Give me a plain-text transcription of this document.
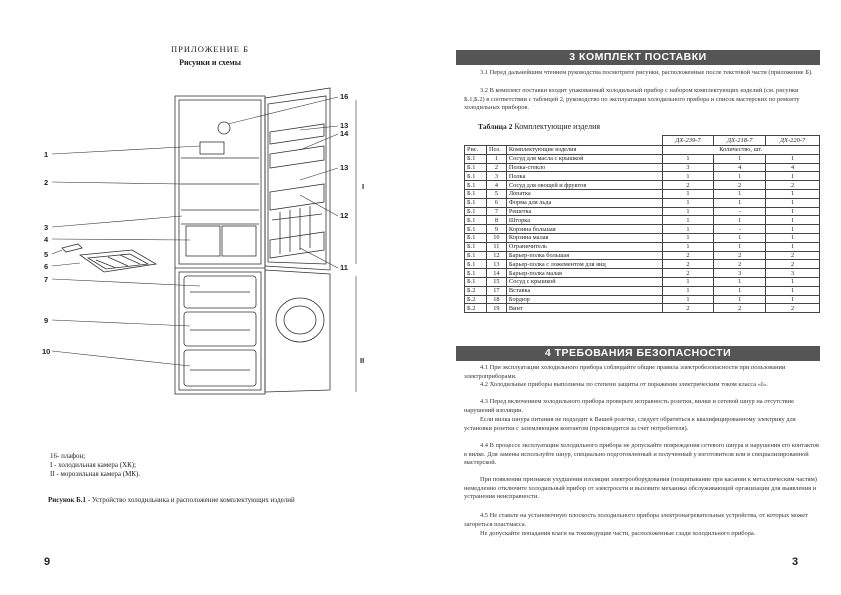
ПРИЛОЖЕНИЕ Б
Рисунки и схемы
1
2
3
4
5
6
7
9
10
16
13
14
13
12
11
I
II
16- плафон;
I - холодильная камера (ХК);
II - морозильная камера (МК).
Рисунок Б.1 - Устройство холодильника и расположение комплектующих изделий
9
3 КОМПЛЕКТ ПОСТАВКИ
3.1 Перед дальнейшим чтением руководства посмотрите рисунки, расположенные после текстовой части (приложение Б).
3.2 В комплект поставки входит упакованный холодильный прибор с набором комплектующих изделий (см. рисунки Б.1,Б.2) в соответствии с таблицей 2, руководство по эксплуатации холодильного прибора и список мастерских по ремонту холодильных приборов.
Таблица 2 Комплектующие изделия
			ДХ-239-7	ДХ-218-7	ДХ-220-7
Рис.	Поз.	Комплектующие изделия	Количество, шт.		
Б.1	1	Сосуд для масла с крышкой	1	1	1
Б.1	2	Полка-стекло	3	4	4
Б.1	3	Полка	1	1	1
Б.1	4	Сосуд для овощей и фруктов	2	2	2
Б.1	5	Лопатка	1	1	1
Б.1	6	Форма для льда	1	1	1
Б.1	7	Решетка	1	-	1
Б.1	8	Шторка	1	1	1
Б.1	9	Корзина большая	1	-	1
Б.1	10	Корзина малая	1	1	1
Б.1	11	Ограничитель	1	1	1
Б.1	12	Барьер-полка большая	2	2	2
Б.1	13	Барьер-полка с ложементом для яиц	2	2	2
Б.1	14	Барьер-полка малая	2	3	3
Б.1	15	Сосуд с крышкой	1	1	1
Б.2	17	Вставка	1	1	1
Б.2	18	Бордюр	1	1	1
Б.2	19	Винт	2	2	2
4 ТРЕБОВАНИЯ БЕЗОПАСНОСТИ
4.1 При эксплуатации холодильного прибора соблюдайте общие правила электробезопасности при пользовании электроприборами.
4.2 Холодильные приборы выполнены по степени защиты от поражения электрическим током класса «I».
4.3 Перед включением холодильного прибора проверьте исправность розетки, вилки и сетевой шнур на отсутствие нарушений изоляции.
Если вилка шнура питания не подходит к Вашей розетке, следует обратиться к квалифицированному электрику для установки розетки с заземляющим контактом (производится за счет потребителя).
4.4 В процессе эксплуатации холодильного прибора не допускайте повреждения сетевого шнура и нарушения его контактов в вилке. Для замены используйте шнур, специально подготовленный и полученный у изготовителя или в специализированной мастерской.
При появлении признаков ухудшения изоляции электрооборудования (пощипывание при касании к металлическим частям) немедленно отключите холодильный прибор от электросети и вызовите механика обслуживающей организации для выявления и устранения неисправности.
4.5 Не ставьте на установочную плоскость холодильного прибора электронагревательные устройства, от которых может загореться пластмасса.
Не допускайте попадания влаги на токоведущие части, расположенные сзади холодильного прибора.
3
